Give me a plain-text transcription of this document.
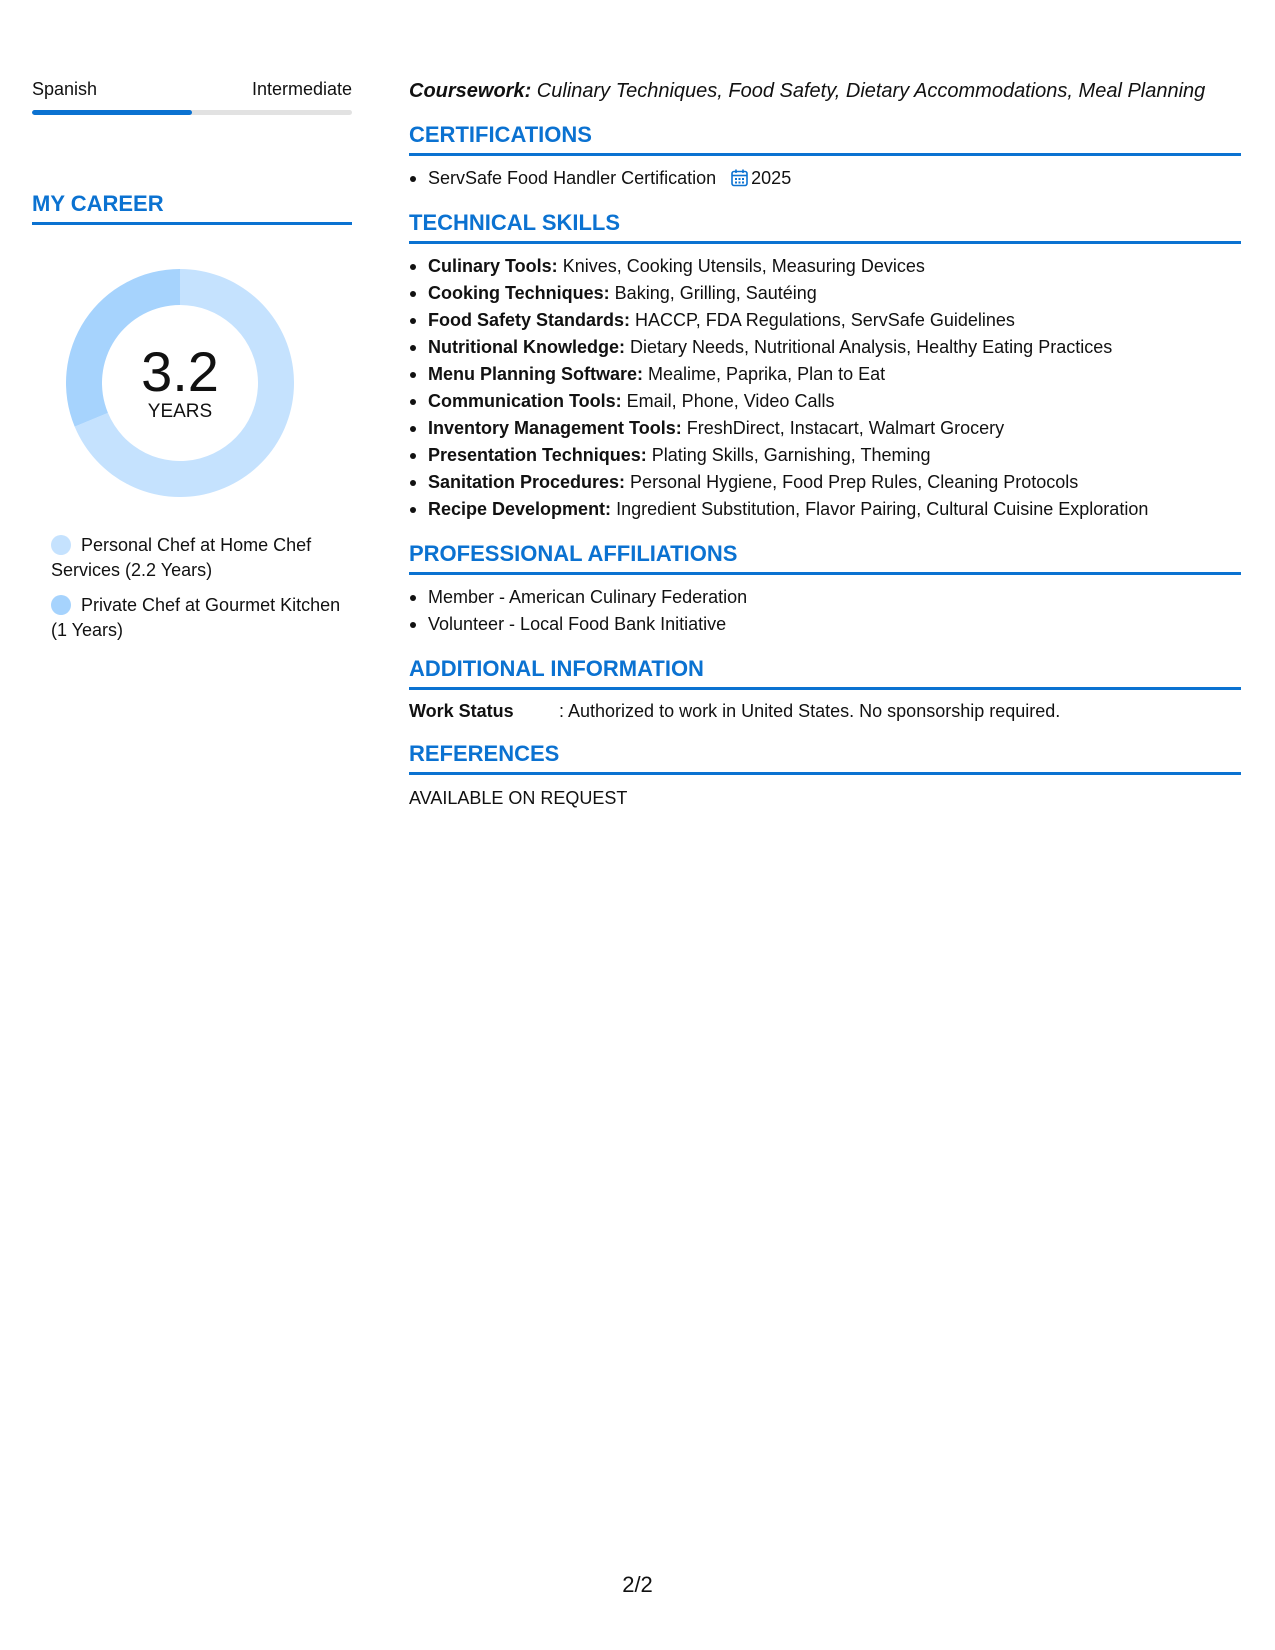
Spanish	Intermediate
MY CAREER
3.2
YEARS
Personal Chef at Home Chef Services (2.2 Years)
Private Chef at Gourmet Kitchen (1 Years)
Coursework: Culinary Techniques, Food Safety, Dietary Accommodations, Meal Planning
CERTIFICATIONS
ServSafe Food Handler Certification 2025
TECHNICAL SKILLS
Culinary Tools: Knives, Cooking Utensils, Measuring Devices
Cooking Techniques: Baking, Grilling, Sautéing
Food Safety Standards: HACCP, FDA Regulations, ServSafe Guidelines
Nutritional Knowledge: Dietary Needs, Nutritional Analysis, Healthy Eating Practices
Menu Planning Software: Mealime, Paprika, Plan to Eat
Communication Tools: Email, Phone, Video Calls
Inventory Management Tools: FreshDirect, Instacart, Walmart Grocery
Presentation Techniques: Plating Skills, Garnishing, Theming
Sanitation Procedures: Personal Hygiene, Food Prep Rules, Cleaning Protocols
Recipe Development: Ingredient Substitution, Flavor Pairing, Cultural Cuisine Exploration
PROFESSIONAL AFFILIATIONS
Member - American Culinary Federation
Volunteer - Local Food Bank Initiative
ADDITIONAL INFORMATION
Work Status	: Authorized to work in United States. No sponsorship required.
REFERENCES
AVAILABLE ON REQUEST
2/2
